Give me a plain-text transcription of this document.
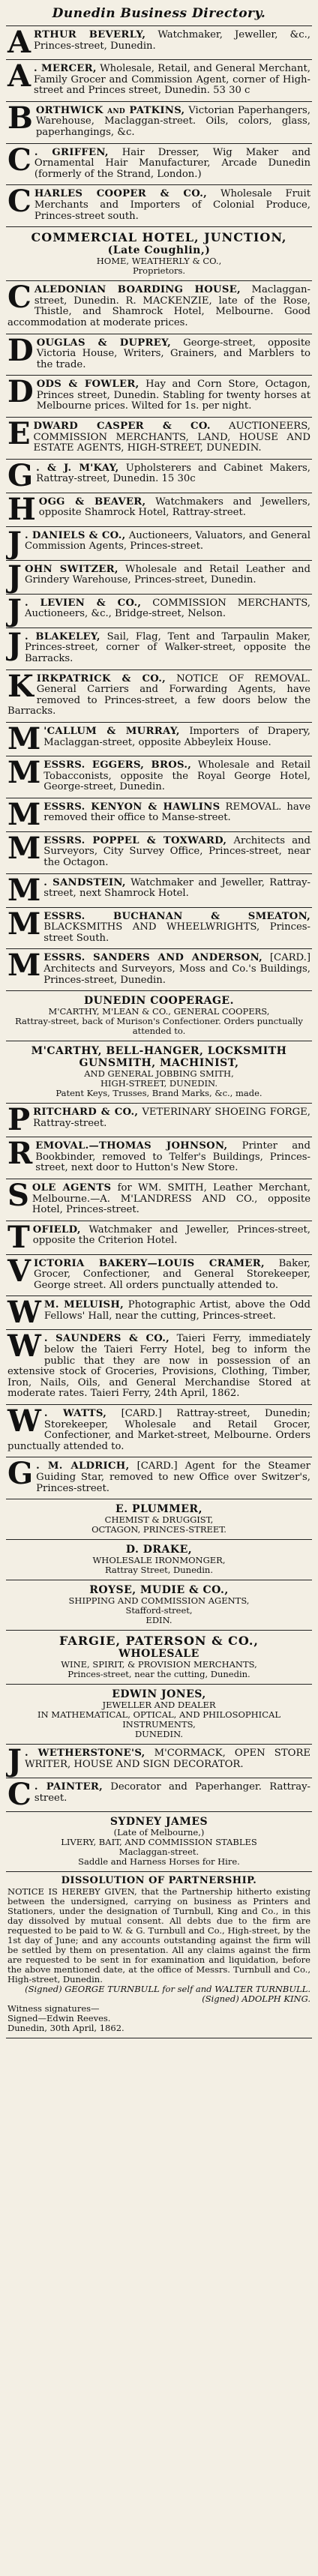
Dunedin Business Directory.

ARTHUR BEVERLY, Watchmaker, Jeweller, &c., Princes-street, Dunedin.

A . MERCER, Wholesale, Retail, and General Merchant, Family Grocer and Commission Agent, corner of High-street and Princes street, Dunedin. 53 30 c

BORTHWICK and PATKINS, Victorian Paperhangers, Warehouse, Maclaggan-street. Oils, colors, glass, paperhangings, &c.

C . GRIFFEN, Hair Dresser, Wig Maker and Ornamental Hair Manufacturer, Arcade Dunedin (formerly of the Strand, London.)

CHARLES COOPER & CO., Wholesale Fruit Merchants and Importers of Colonial Produce, Princes-street south.

COMMERCIAL HOTEL, JUNCTION,

(Late Coughlin,)

HOME, WEATHERLY & CO.,

Proprietors.

CALEDONIAN BOARDING HOUSE, Maclaggan-street, Dunedin. R. MACKENZIE, late of the Rose, Thistle, and Shamrock Hotel, Melbourne. Good accommodation at moderate prices.

DOUGLAS & DUPREY, George-street, opposite Victoria House, Writers, Grainers, and Marblers to the trade.

DODS & FOWLER, Hay and Corn Store, Octagon, Princes street, Dunedin. Stabling for twenty horses at Melbourne prices. Wilted for 1s. per night.

EDWARD CASPER & CO. AUCTIONEERS, COMMISSION MERCHANTS, LAND, HOUSE AND ESTATE AGENTS, HIGH-STREET, DUNEDIN.

G . & J. M'KAY, Upholsterers and Cabinet Makers, Rattray-street, Dunedin. 15 30c

HOGG & BEAVER, Watchmakers and Jewellers, opposite Shamrock Hotel, Rattray-street.

J . DANIELS & CO., Auctioneers, Valuators, and General Commission Agents, Princes-street.

JOHN SWITZER, Wholesale and Retail Leather and Grindery Warehouse, Princes-street, Dunedin.

J . LEVIEN & CO., COMMISSION MERCHANTS, Auctioneers, &c., Bridge-street, Nelson.

J . BLAKELEY, Sail, Flag, Tent and Tarpaulin Maker, Princes-street, corner of Walker-street, opposite the Barracks.

KIRKPATRICK & CO., NOTICE OF REMOVAL. General Carriers and Forwarding Agents, have removed to Princes-street, a few doors below the Barracks.

M 'CALLUM & MURRAY, Importers of Drapery, Maclaggan-street, opposite Abbeyleix House.

MESSRS. EGGERS, BROS., Wholesale and Retail Tobacconists, opposite the Royal George Hotel, George-street, Dunedin.

MESSRS. KENYON & HAWLINS REMOVAL. have removed their office to Manse-street.

MESSRS. POPPEL & TOXWARD, Architects and Surveyors, City Survey Office, Princes-street, near the Octagon.

M . SANDSTEIN, Watchmaker and Jeweller, Rattray-street, next Shamrock Hotel.

MESSRS. BUCHANAN & SMEATON, BLACKSMITHS AND WHEELWRIGHTS, Princes-street South.

MESSRS. SANDERS AND ANDERSON, [CARD.] Architects and Surveyors, Moss and Co.'s Buildings, Princes-street, Dunedin.

DUNEDIN COOPERAGE.

M'CARTHY, M'LEAN & CO., GENERAL COOPERS,

Rattray-street, back of Murison's Confectioner. Orders punctually attended to.

M'CARTHY, BELL-HANGER, LOCKSMITH GUNSMITH, MACHINIST,

AND GENERAL JOBBING SMITH,

HIGH-STREET, DUNEDIN.

Patent Keys, Trusses, Brand Marks, &c., made.

PRITCHARD & CO., VETERINARY SHOEING FORGE, Rattray-street.

REMOVAL.—THOMAS JOHNSON, Printer and Bookbinder, removed to Telfer's Buildings, Princes-street, next door to Hutton's New Store.

SOLE AGENTS for WM. SMITH, Leather Merchant, Melbourne.—A. M'LANDRESS AND CO., opposite Hotel, Princes-street.

TOFIELD, Watchmaker and Jeweller, Princes-street, opposite the Criterion Hotel.

VICTORIA BAKERY—LOUIS CRAMER, Baker, Grocer, Confectioner, and General Storekeeper, George street. All orders punctually attended to.

W M. MELUISH, Photographic Artist, above the Odd Fellows' Hall, near the cutting, Princes-street.

W . SAUNDERS & CO., Taieri Ferry, immediately below the Taieri Ferry Hotel, beg to inform the public that they are now in possession of an extensive stock of Groceries, Provisions, Clothing, Timber, Iron, Nails, Oils, and General Merchandise Stored at moderate rates. Taieri Ferry, 24th April, 1862.

W . WATTS, [CARD.] Rattray-street, Dunedin; Storekeeper, Wholesale and Retail Grocer, Confectioner, and Market-street, Melbourne. Orders punctually attended to.

G . M. ALDRICH, [CARD.] Agent for the Steamer Guiding Star, removed to new Office over Switzer's, Princes-street.

E. PLUMMER,

CHEMIST & DRUGGIST,

OCTAGON, PRINCES-STREET.

D. DRAKE,

WHOLESALE IRONMONGER,

Rattray Street, Dunedin.

ROYSE, MUDIE & CO.,

SHIPPING AND COMMISSION AGENTS,

Stafford-street,

EDIN.

FARGIE, PATERSON & CO.,

WHOLESALE

WINE, SPIRIT, & PROVISION MERCHANTS,

Princes-street, near the cutting, Dunedin.

EDWIN JONES,

JEWELLER AND DEALER

IN MATHEMATICAL, OPTICAL, AND PHILOSOPHICAL INSTRUMENTS,

DUNEDIN.

J . WETHERSTONE'S, M'CORMACK, OPEN STORE WRITER, HOUSE AND SIGN DECORATOR.

C . PAINTER, Decorator and Paperhanger. Rattray-street.

SYDNEY JAMES

(Late of Melbourne,)

LIVERY, BAIT, AND COMMISSION STABLES

Maclaggan-street.

Saddle and Harness Horses for Hire.

DISSOLUTION OF PARTNERSHIP.

NOTICE IS HEREBY GIVEN, that the Partnership hitherto existing between the undersigned, carrying on business as Printers and Stationers, under the designation of Turnbull, King and Co., in this day dissolved by mutual consent. All debts due to the firm are requested to be paid to W. & G. Turnbull and Co., High-street, by the 1st day of June; and any accounts outstanding against the firm will be settled by them on presentation. All any claims against the firm are requested to be sent in for examination and liquidation, before the above mentioned date, at the office of Messrs. Turnbull and Co., High-street, Dunedin.

(Signed) GEORGE TURNBULL for self and WALTER TURNBULL.

(Signed) ADOLPH KING.

Witness signatures—

Signed—Edwin Reeves.

Dunedin, 30th April, 1862.
